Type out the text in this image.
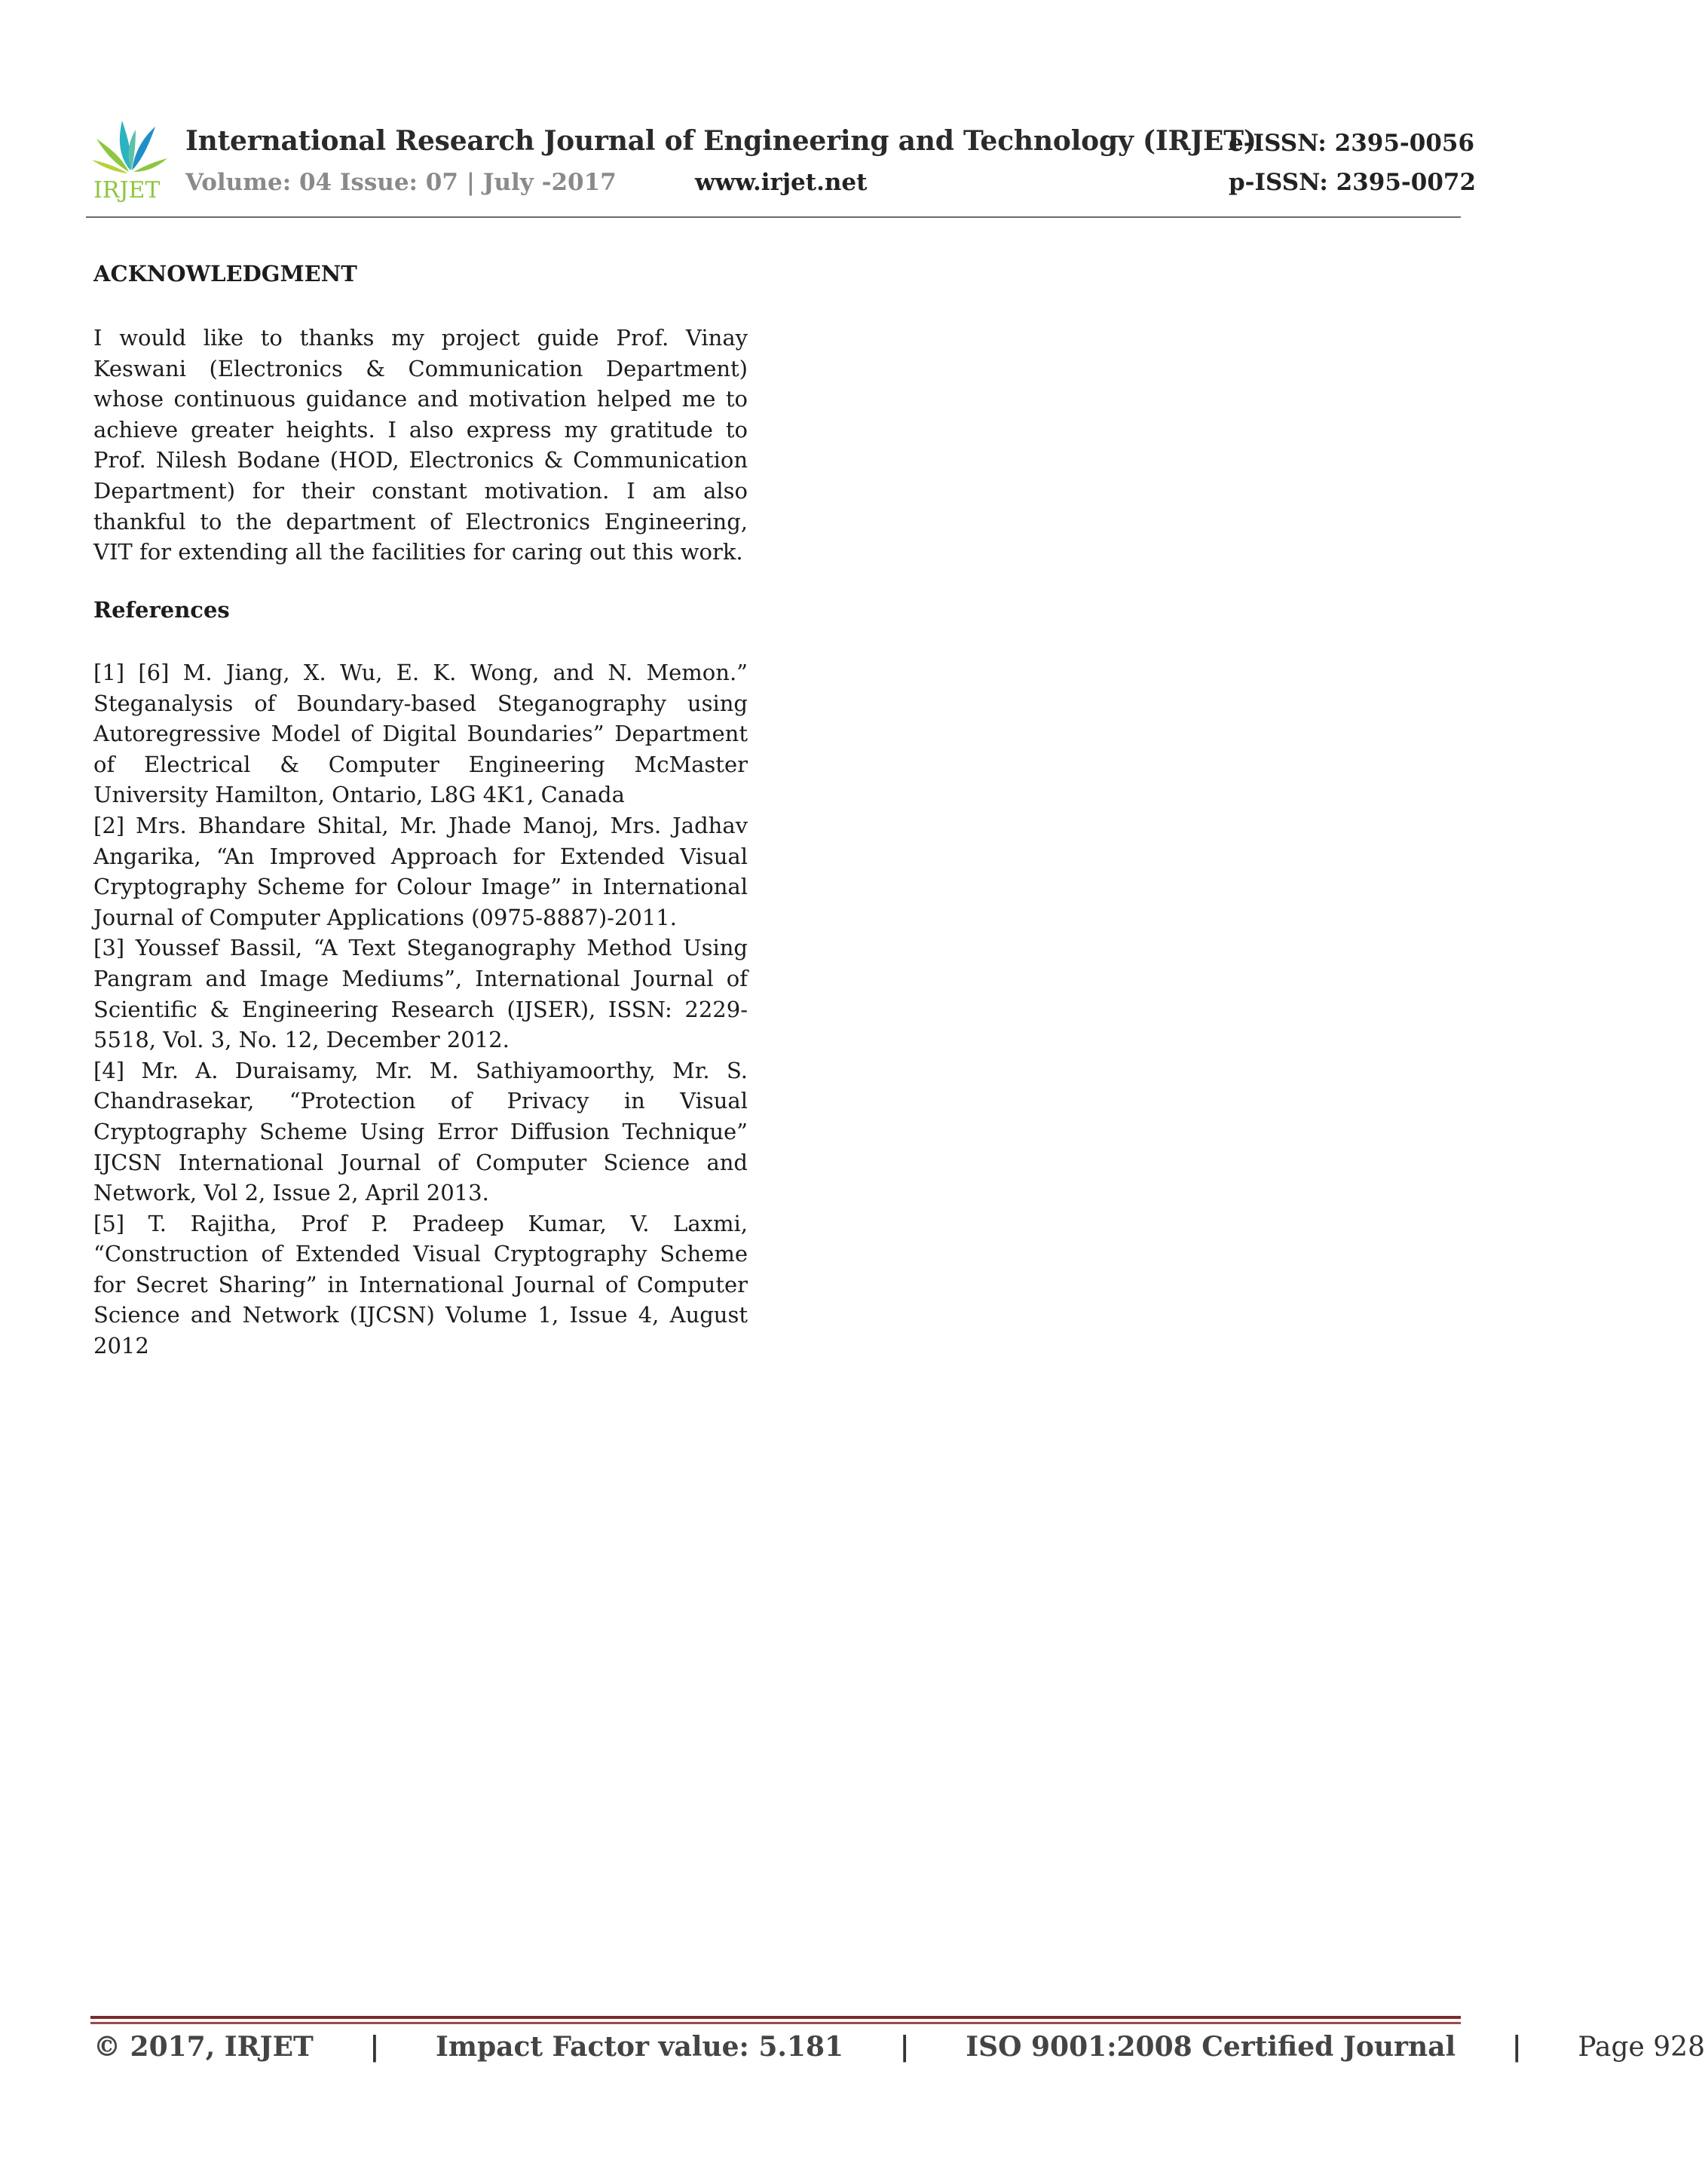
IRJET
International Research Journal of Engineering and Technology (IRJET)
e-ISSN: 2395-0056
Volume: 04 Issue: 07 | July -2017	www.irjet.net	p-ISSN: 2395-0072
ACKNOWLEDGMENT
I would like to thanks my project guide Prof. Vinay Keswani (Electronics & Communication Department) whose continuous guidance and motivation helped me to achieve greater heights. I also express my gratitude to Prof. Nilesh Bodane (HOD, Electronics & Communication Department) for their constant motivation. I am also thankful to the department of Electronics Engineering, VIT for extending all the facilities for caring out this work.
References
[1] [6] M. Jiang, X. Wu, E. K. Wong, and N. Memon.” Steganalysis of Boundary-based Steganography using Autoregressive Model of Digital Boundaries” Department of Electrical & Computer Engineering McMaster University Hamilton, Ontario, L8G 4K1, Canada
[2] Mrs. Bhandare Shital, Mr. Jhade Manoj, Mrs. Jadhav Angarika, “An Improved Approach for Extended Visual Cryptography Scheme for Colour Image” in International Journal of Computer Applications (0975-8887)-2011.
[3] Youssef Bassil, “A Text Steganography Method Using Pangram and Image Mediums”, International Journal of Scientific & Engineering Research (IJSER), ISSN: 2229-5518, Vol. 3, No. 12, December 2012.
[4] Mr. A. Duraisamy, Mr. M. Sathiyamoorthy, Mr. S. Chandrasekar, “Protection of Privacy in Visual Cryptography Scheme Using Error Diffusion Technique” IJCSN International Journal of Computer Science and Network, Vol 2, Issue 2, April 2013.
[5] T. Rajitha, Prof P. Pradeep Kumar, V. Laxmi, “Construction of Extended Visual Cryptography Scheme for Secret Sharing” in International Journal of Computer Science and Network (IJCSN) Volume 1, Issue 4, August 2012
© 2017, IRJET | Impact Factor value: 5.181 | ISO 9001:2008 Certified Journal | Page 928
